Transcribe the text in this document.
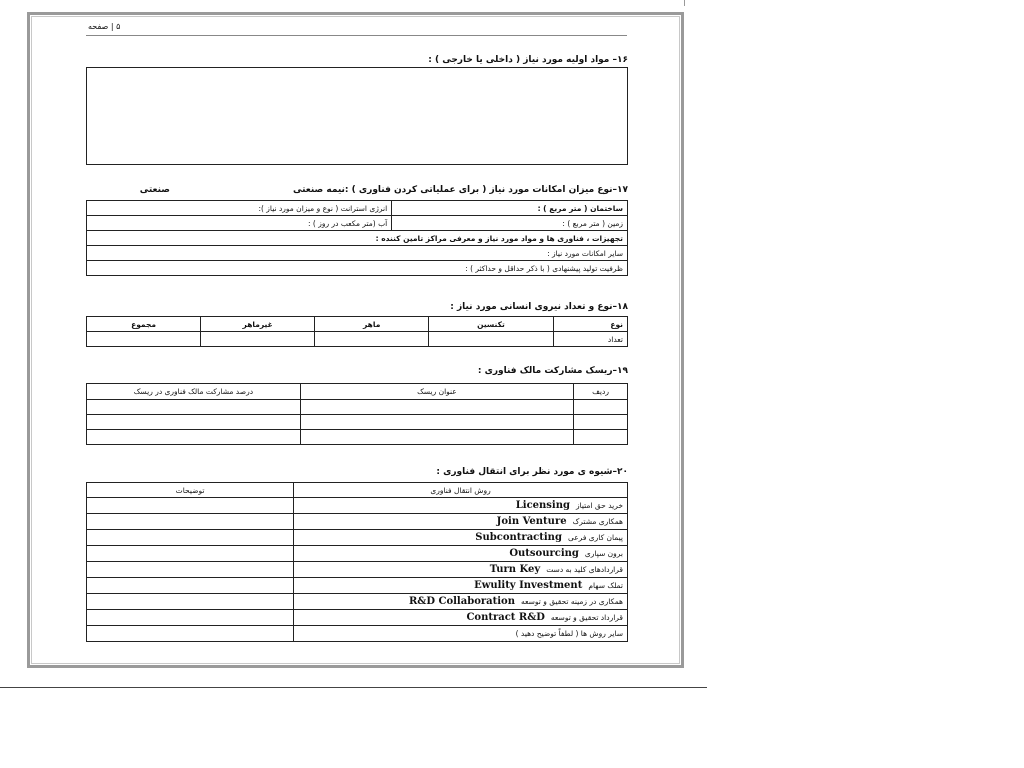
۵ | صفحه
۱۶– مواد اولیه مورد نیاز ( داخلی یا خارجی ) :
۱۷–نوع میزان امکانات مورد نیاز ( برای عملیاتی کردن فناوری ) :نیمه صنعتی
صنعتی
ساختمان ( متر مربع ) :	انرژی استرانت ( نوع و میزان مورد نیاز ):
زمین ( متر مربع ) :	آب (متر مکعب در روز ) :
تجهیزات ، فناوری ها و مواد مورد نیاز و معرفی مراکز تامین کننده :	
سایر امکانات مورد نیاز :	
ظرفیت تولید پیشنهادی ( با ذکر حداقل و حداکثر ) :	
۱۸–نوع و تعداد نیروی انسانی مورد نیاز :
نوع	تکنسین	ماهر	غیرماهر	مجموع
تعداد				
۱۹–ریسک مشارکت مالک فناوری :
ردیف	عنوان ریسک	درصد مشارکت مالک فناوری در ریسک

۲۰–شیوه ی مورد نظر برای انتقال فناوری :
روش انتقال فناوری	توضیحات
خرید حق امتیازLicensing	
همکاری مشترکJoin Venture	
پیمان کاری فرعیSubcontracting	
برون سپاریOutsourcing	
قراردادهای کلید به دستTurn Key	
تملک سهامEwulity Investment	
همکاری در زمینه تحقیق و توسعهR&D Collaboration	
قرارداد تحقیق و توسعهContract R&D	
سایر روش ها ( لطفاً توضیح دهید )	
